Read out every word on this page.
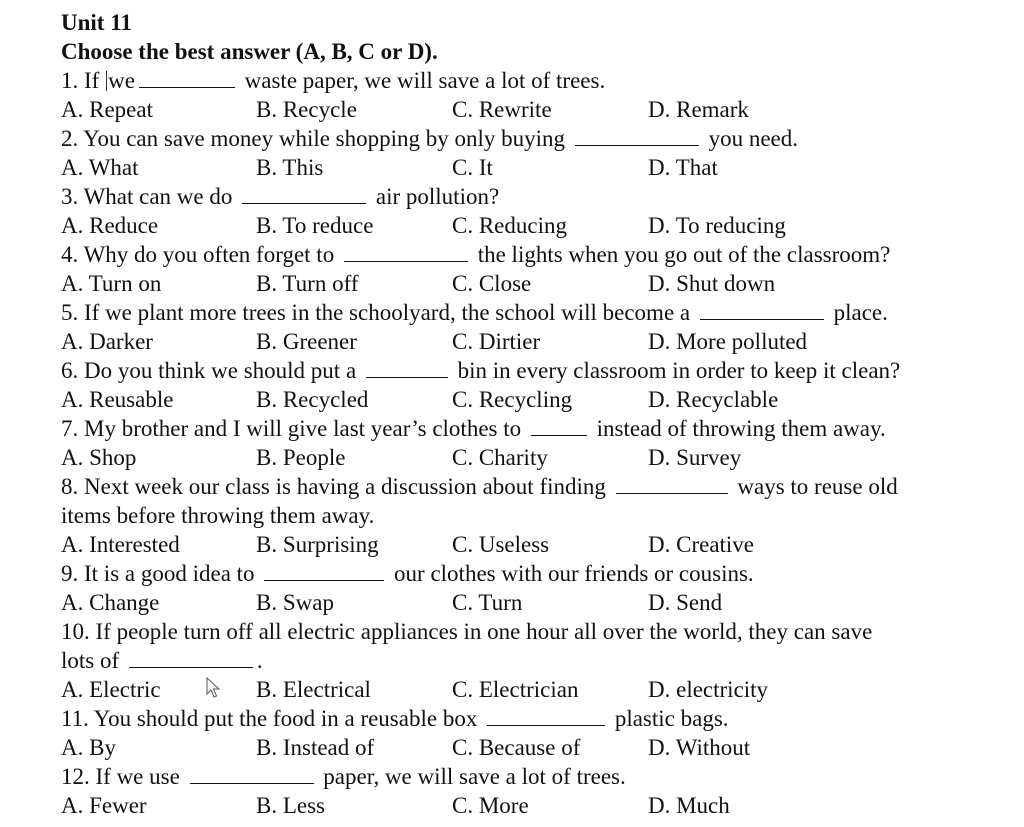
Unit 11
Choose the best answer (A, B, C or D).
1. If we	waste paper, we will save a lot of trees.
A. Repeat	B. Recycle	C. Rewrite	D. Remark
2. You can save money while shopping by only buying	you need.
A. What	B. This	C. It	D. That
3. What can we do	air pollution?
A. Reduce	B. To reduce	C. Reducing	D. To reducing
4. Why do you often forget to	the lights when you go out of the classroom?
A. Turn on	B. Turn off	C. Close	D. Shut down
5. If we plant more trees in the schoolyard, the school will become a	place.
A. Darker	B. Greener	C. Dirtier	D. More polluted
6. Do you think we should put a	bin in every classroom in order to keep it clean?
A. Reusable	B. Recycled	C. Recycling	D. Recyclable
7. My brother and I will give last year’s clothes to	instead of throwing them away.
A. Shop	B. People	C. Charity	D. Survey
8. Next week our class is having a discussion about finding	ways to reuse old
items before throwing them away.
A. Interested	B. Surprising	C. Useless	D. Creative
9. It is a good idea to	our clothes with our friends or cousins.
A. Change	B. Swap	C. Turn	D. Send
10. If people turn off all electric appliances in one hour all over the world, they can save
lots of	.
A. Electric	B. Electrical	C. Electrician	D. electricity
11. You should put the food in a reusable box	plastic bags.
A. By	B. Instead of	C. Because of	D. Without
12. If we use	paper, we will save a lot of trees.
A. Fewer	B. Less	C. More	D. Much
